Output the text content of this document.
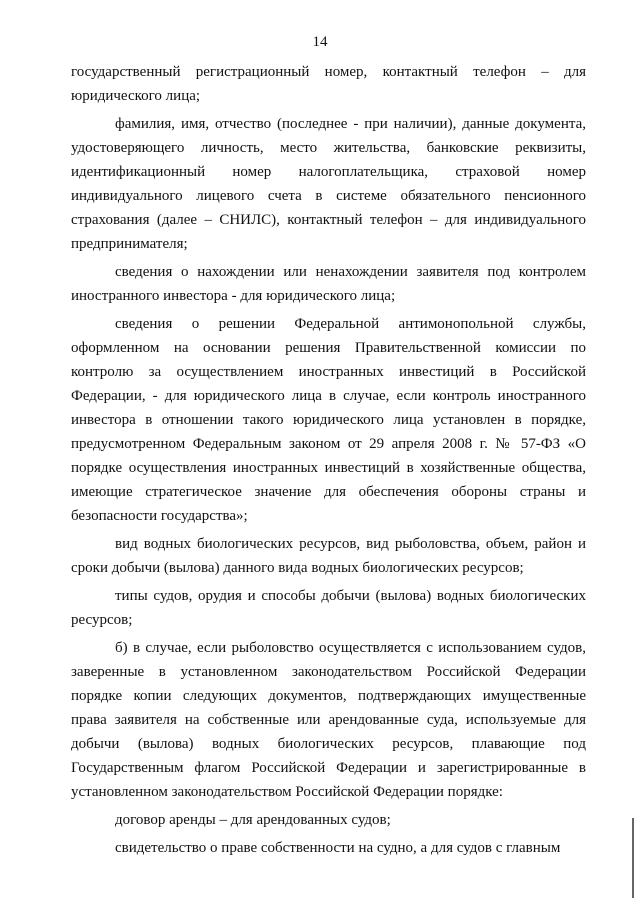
14

государственный регистрационный номер, контактный телефон – для юридического лица;

фамилия, имя, отчество (последнее - при наличии), данные документа, удостоверяющего личность, место жительства, банковские реквизиты, идентификационный номер налогоплательщика, страховой номер индивидуального лицевого счета в системе обязательного пенсионного страхования (далее – СНИЛС), контактный телефон – для индивидуального предпринимателя;

сведения о нахождении или ненахождении заявителя под контролем иностранного инвестора - для юридического лица;

сведения о решении Федеральной антимонопольной службы, оформленном на основании решения Правительственной комиссии по контролю за осуществлением иностранных инвестиций в Российской Федерации, - для юридического лица в случае, если контроль иностранного инвестора в отношении такого юридического лица установлен в порядке, предусмотренном Федеральным законом от 29 апреля 2008 г. № 57-ФЗ «О порядке осуществления иностранных инвестиций в хозяйственные общества, имеющие стратегическое значение для обеспечения обороны страны и безопасности государства»;

вид водных биологических ресурсов, вид рыболовства, объем, район и сроки добычи (вылова) данного вида водных биологических ресурсов;

типы судов, орудия и способы добычи (вылова) водных биологических ресурсов;

б) в случае, если рыболовство осуществляется с использованием судов, заверенные в установленном законодательством Российской Федерации порядке копии следующих документов, подтверждающих имущественные права заявителя на собственные или арендованные суда, используемые для добычи (вылова) водных биологических ресурсов, плавающие под Государственным флагом Российской Федерации и зарегистрированные в установленном законодательством Российской Федерации порядке:

договор аренды – для арендованных судов;

свидетельство о праве собственности на судно, а для судов с главным
